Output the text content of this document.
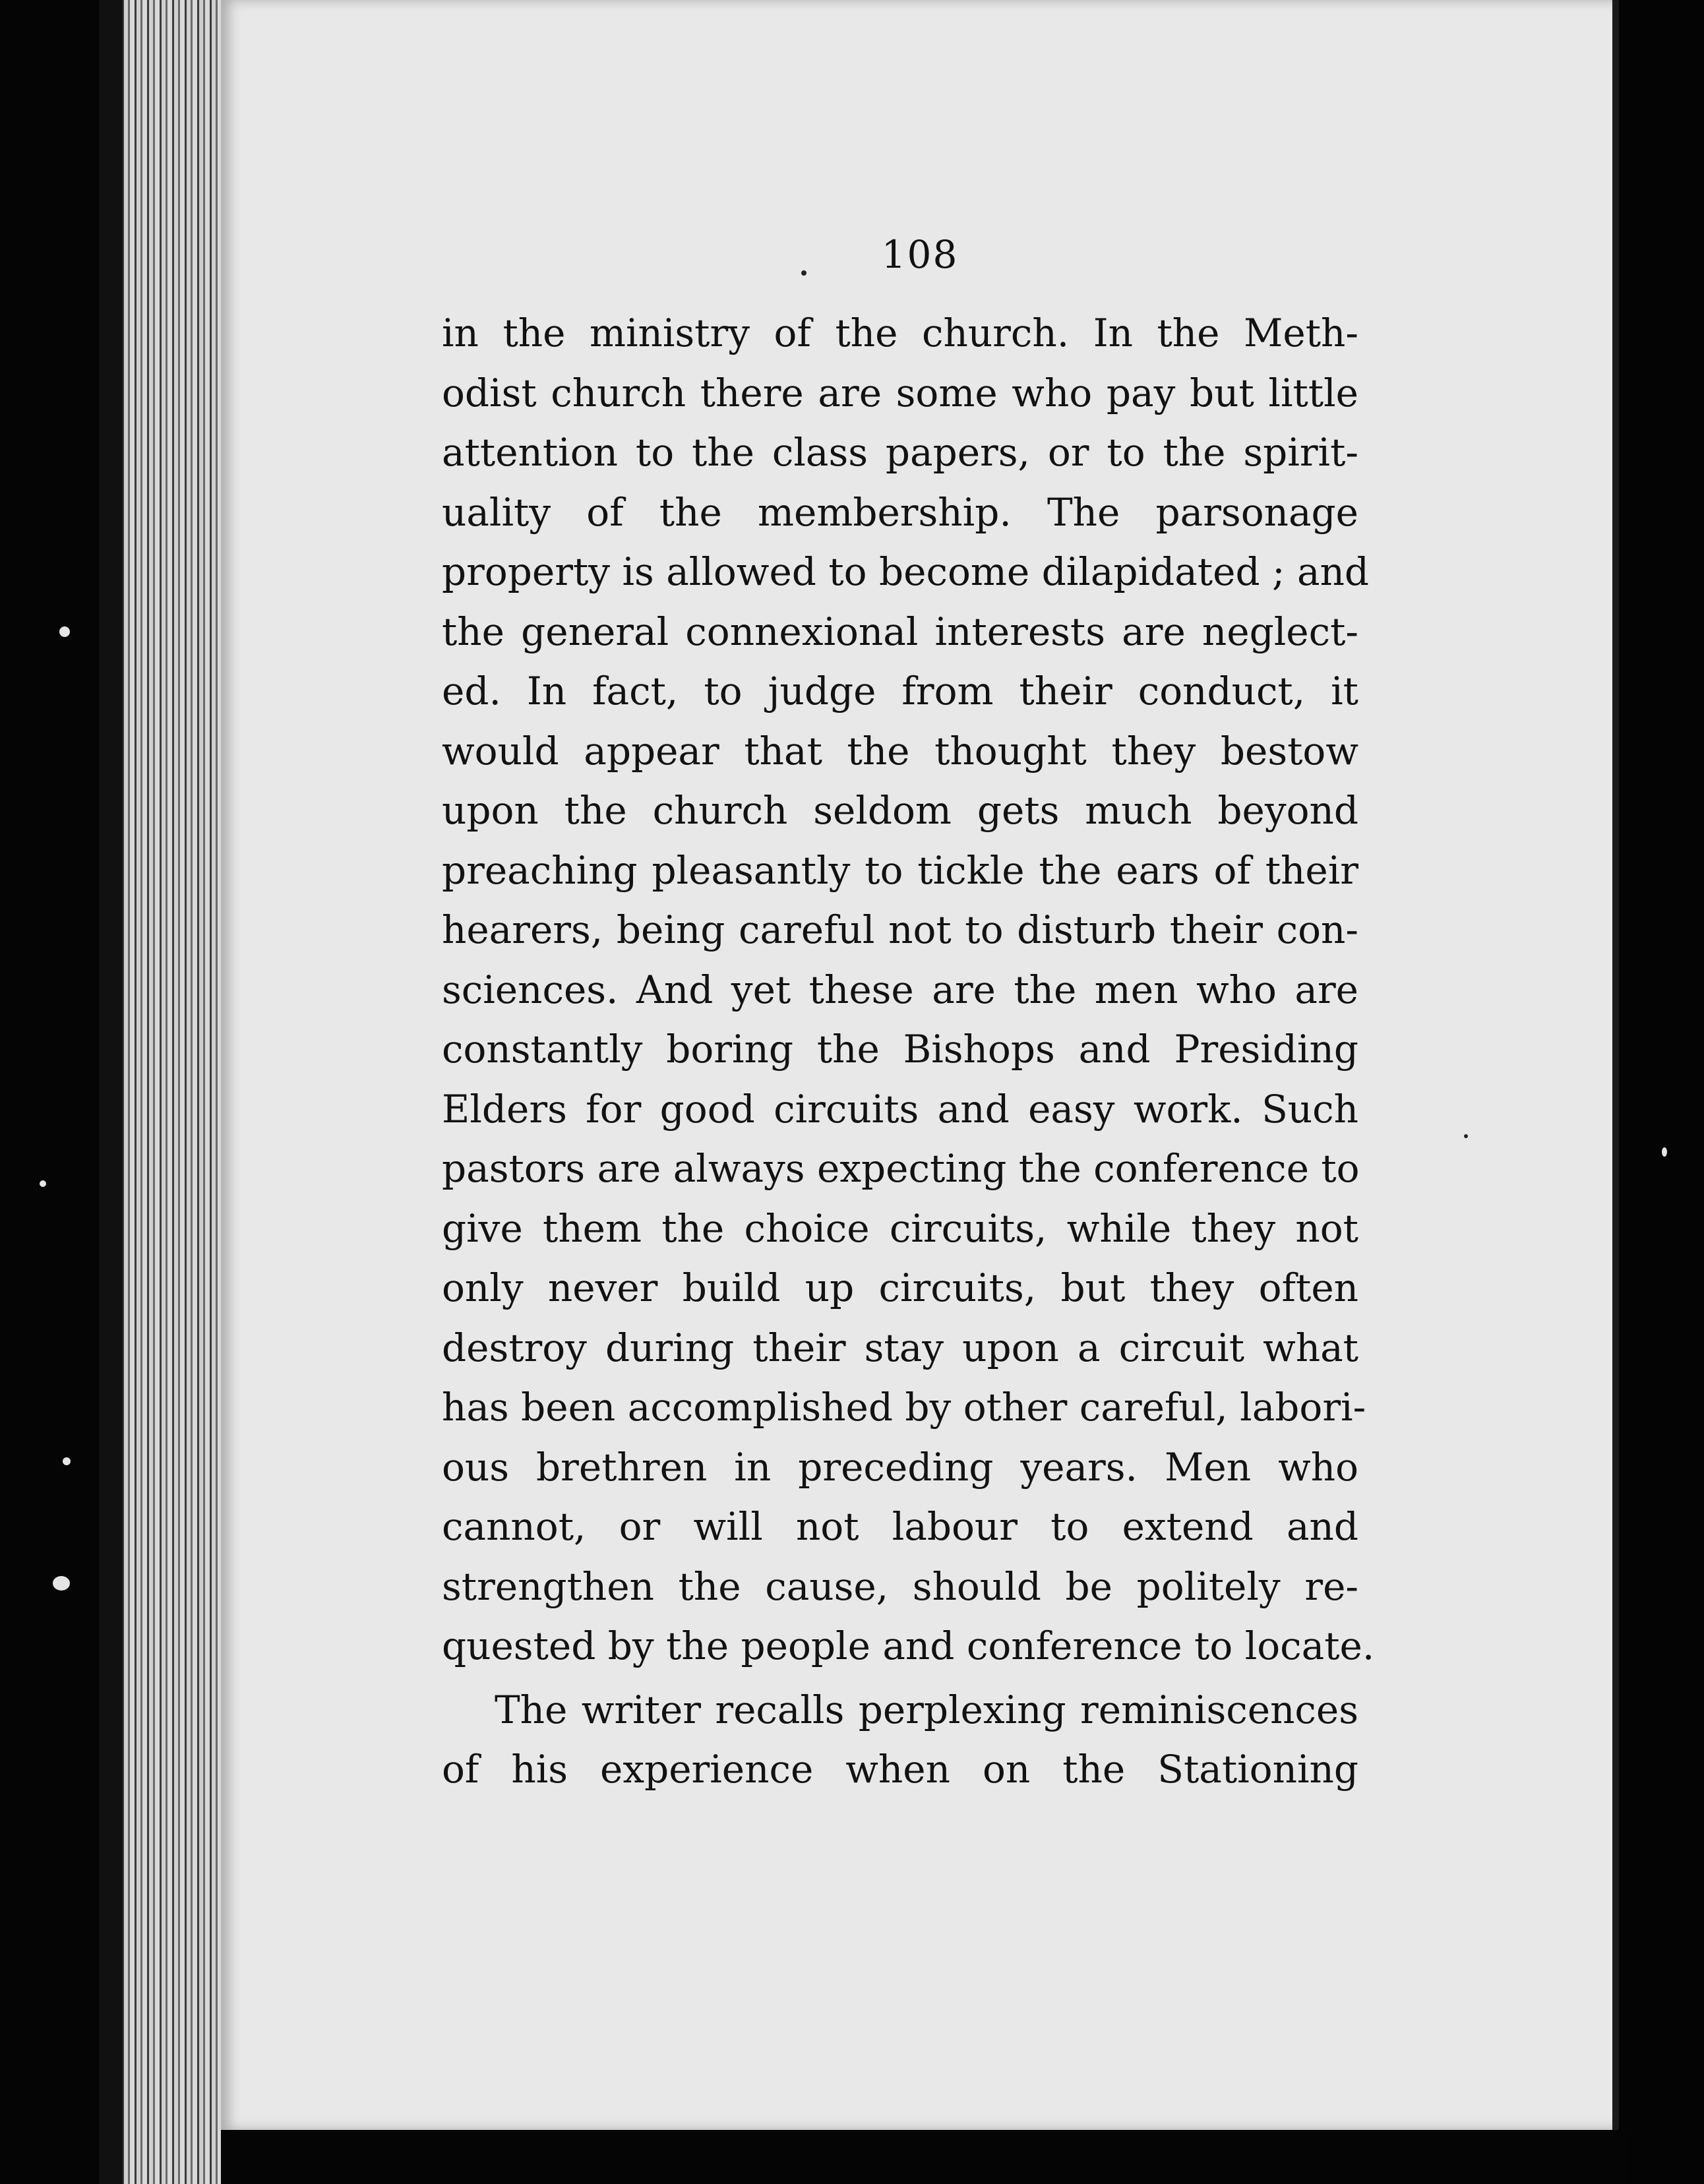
108
in the ministry of the church. In the Meth-
odist church there are some who pay but little
attention to the class papers, or to the spirit-
uality of the membership. The parsonage
property is allowed to become dilapidated ; and
the general connexional interests are neglect-
ed. In fact, to judge from their conduct, it
would appear that the thought they bestow
upon the church seldom gets much beyond
preaching pleasantly to tickle the ears of their
hearers, being careful not to disturb their con-
sciences. And yet these are the men who are
constantly boring the Bishops and Presiding
Elders for good circuits and easy work. Such
pastors are always expecting the conference to
give them the choice circuits, while they not
only never build up circuits, but they often
destroy during their stay upon a circuit what
has been accomplished by other careful, labori-
ous brethren in preceding years. Men who
cannot, or will not labour to extend and
strengthen the cause, should be politely re-
quested by the people and conference to locate.
The writer recalls perplexing reminiscences
of his experience when on the Stationing
